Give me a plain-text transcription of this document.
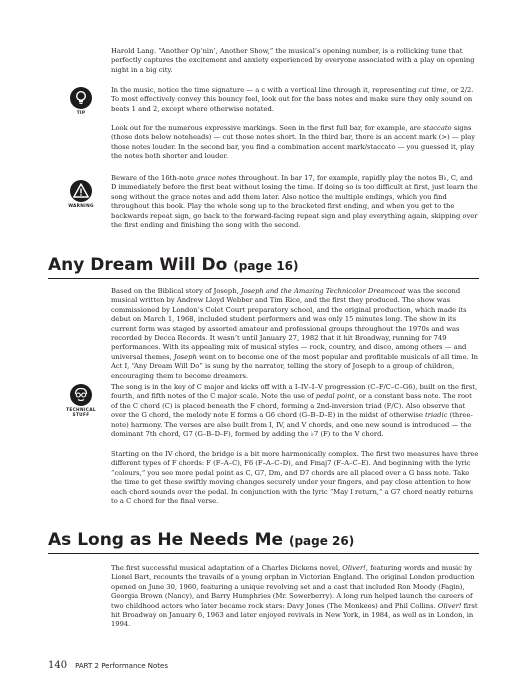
Harold Lang. “Another Op’nin’, Another Show,” the musical’s opening number, is a rollicking tune that perfectly captures the excitement and anxiety experienced by everyone associated with a play on opening night in a big city.

TIP

In the music, notice the time signature — a c with a vertical line through it, representing cut time, or 2/2. To most effectively convey this bouncy feel, look out for the bass notes and make sure they only sound on beats 1 and 2, except where otherwise notated.

Look out for the numerous expressive markings. Seen in the first full bar, for example, are staccato signs (those dots below noteheads) — cut those notes short. In the third bar, there is an accent mark (>) — play those notes louder. In the second bar, you find a combination accent mark/staccato — you guessed it, play the notes both shorter and louder.

WARNING

Beware of the 16th-note grace notes throughout. In bar 17, for example, rapidly play the notes B♭, C, and D immediately before the first beat without losing the time. If doing so is too difficult at first, just learn the song without the grace notes and add them later. Also notice the multiple endings, which you find throughout this book. Play the whole song up to the bracketed first ending, and when you get to the backwards repeat sign, go back to the forward-facing repeat sign and play everything again, skipping over the first ending and finishing the song with the second.

Any Dream Will Do (page 16)

Based on the Biblical story of Joseph, Joseph and the Amazing Technicolor Dreamcoat was the second musical written by Andrew Lloyd Webber and Tim Rice, and the first they produced. The show was commissioned by London’s Colet Court preparatory school, and the original production, which made its debut on March 1, 1968, included student performers and was only 15 minutes long. The show in its current form was staged by assorted amateur and professional groups throughout the 1970s and was recorded by Decca Records. It wasn’t until January 27, 1982 that it hit Broadway, running for 749 performances. With its appealing mix of musical styles — rock, country, and disco, among others — and universal themes, Joseph went on to become one of the most popular and profitable musicals of all time. In Act I, “Any Dream Will Do” is sung by the narrator, telling the story of Joseph to a group of children, encouraging them to become dreamers.

TECHNICAL
STUFF

The song is in the key of C major and kicks off with a I–IV–I–V progression (C–F/C–C–G6), built on the first, fourth, and fifth notes of the C major scale. Note the use of pedal point, or a constant bass note. The root of the C chord (C) is placed beneath the F chord, forming a 2nd-inversion triad (F/C). Also observe that over the G chord, the melody note E forms a G6 chord (G–B–D–E) in the midst of otherwise triadic (three-note) harmony. The verses are also built from I, IV, and V chords, and one new sound is introduced — the dominant 7th chord, G7 (G–B–D–F), formed by adding the ♭7 (F) to the V chord.

Starting on the IV chord, the bridge is a bit more harmonically complex. The first two measures have three different types of F chords: F (F–A–C), F6 (F–A–C–D), and Fmaj7 (F–A–C–E). And beginning with the lyric “colours,” you see more pedal point as C, G7, Dm, and D7 chords are all placed over a G bass note. Take the time to get these swiftly moving changes securely under your fingers, and pay close attention to how each chord sounds over the pedal. In conjunction with the lyric “May I return,” a G7 chord neatly returns to a C chord for the final verse.

As Long as He Needs Me (page 26)

The first successful musical adaptation of a Charles Dickens novel, Oliver!, featuring words and music by Lionel Bart, recounts the travails of a young orphan in Victorian England. The original London production opened on June 30, 1960, featuring a unique revolving set and a cast that included Ron Moody (Fagin), Georgia Brown (Nancy), and Barry Humphries (Mr. Sowerberry). A long run helped launch the careers of two childhood actors who later became rock stars: Davy Jones (The Monkees) and Phil Collins. Oliver! first hit Broadway on January 6, 1963 and later enjoyed revivals in New York, in 1984, as well as in London, in 1994.

140 PART 2 Performance Notes
